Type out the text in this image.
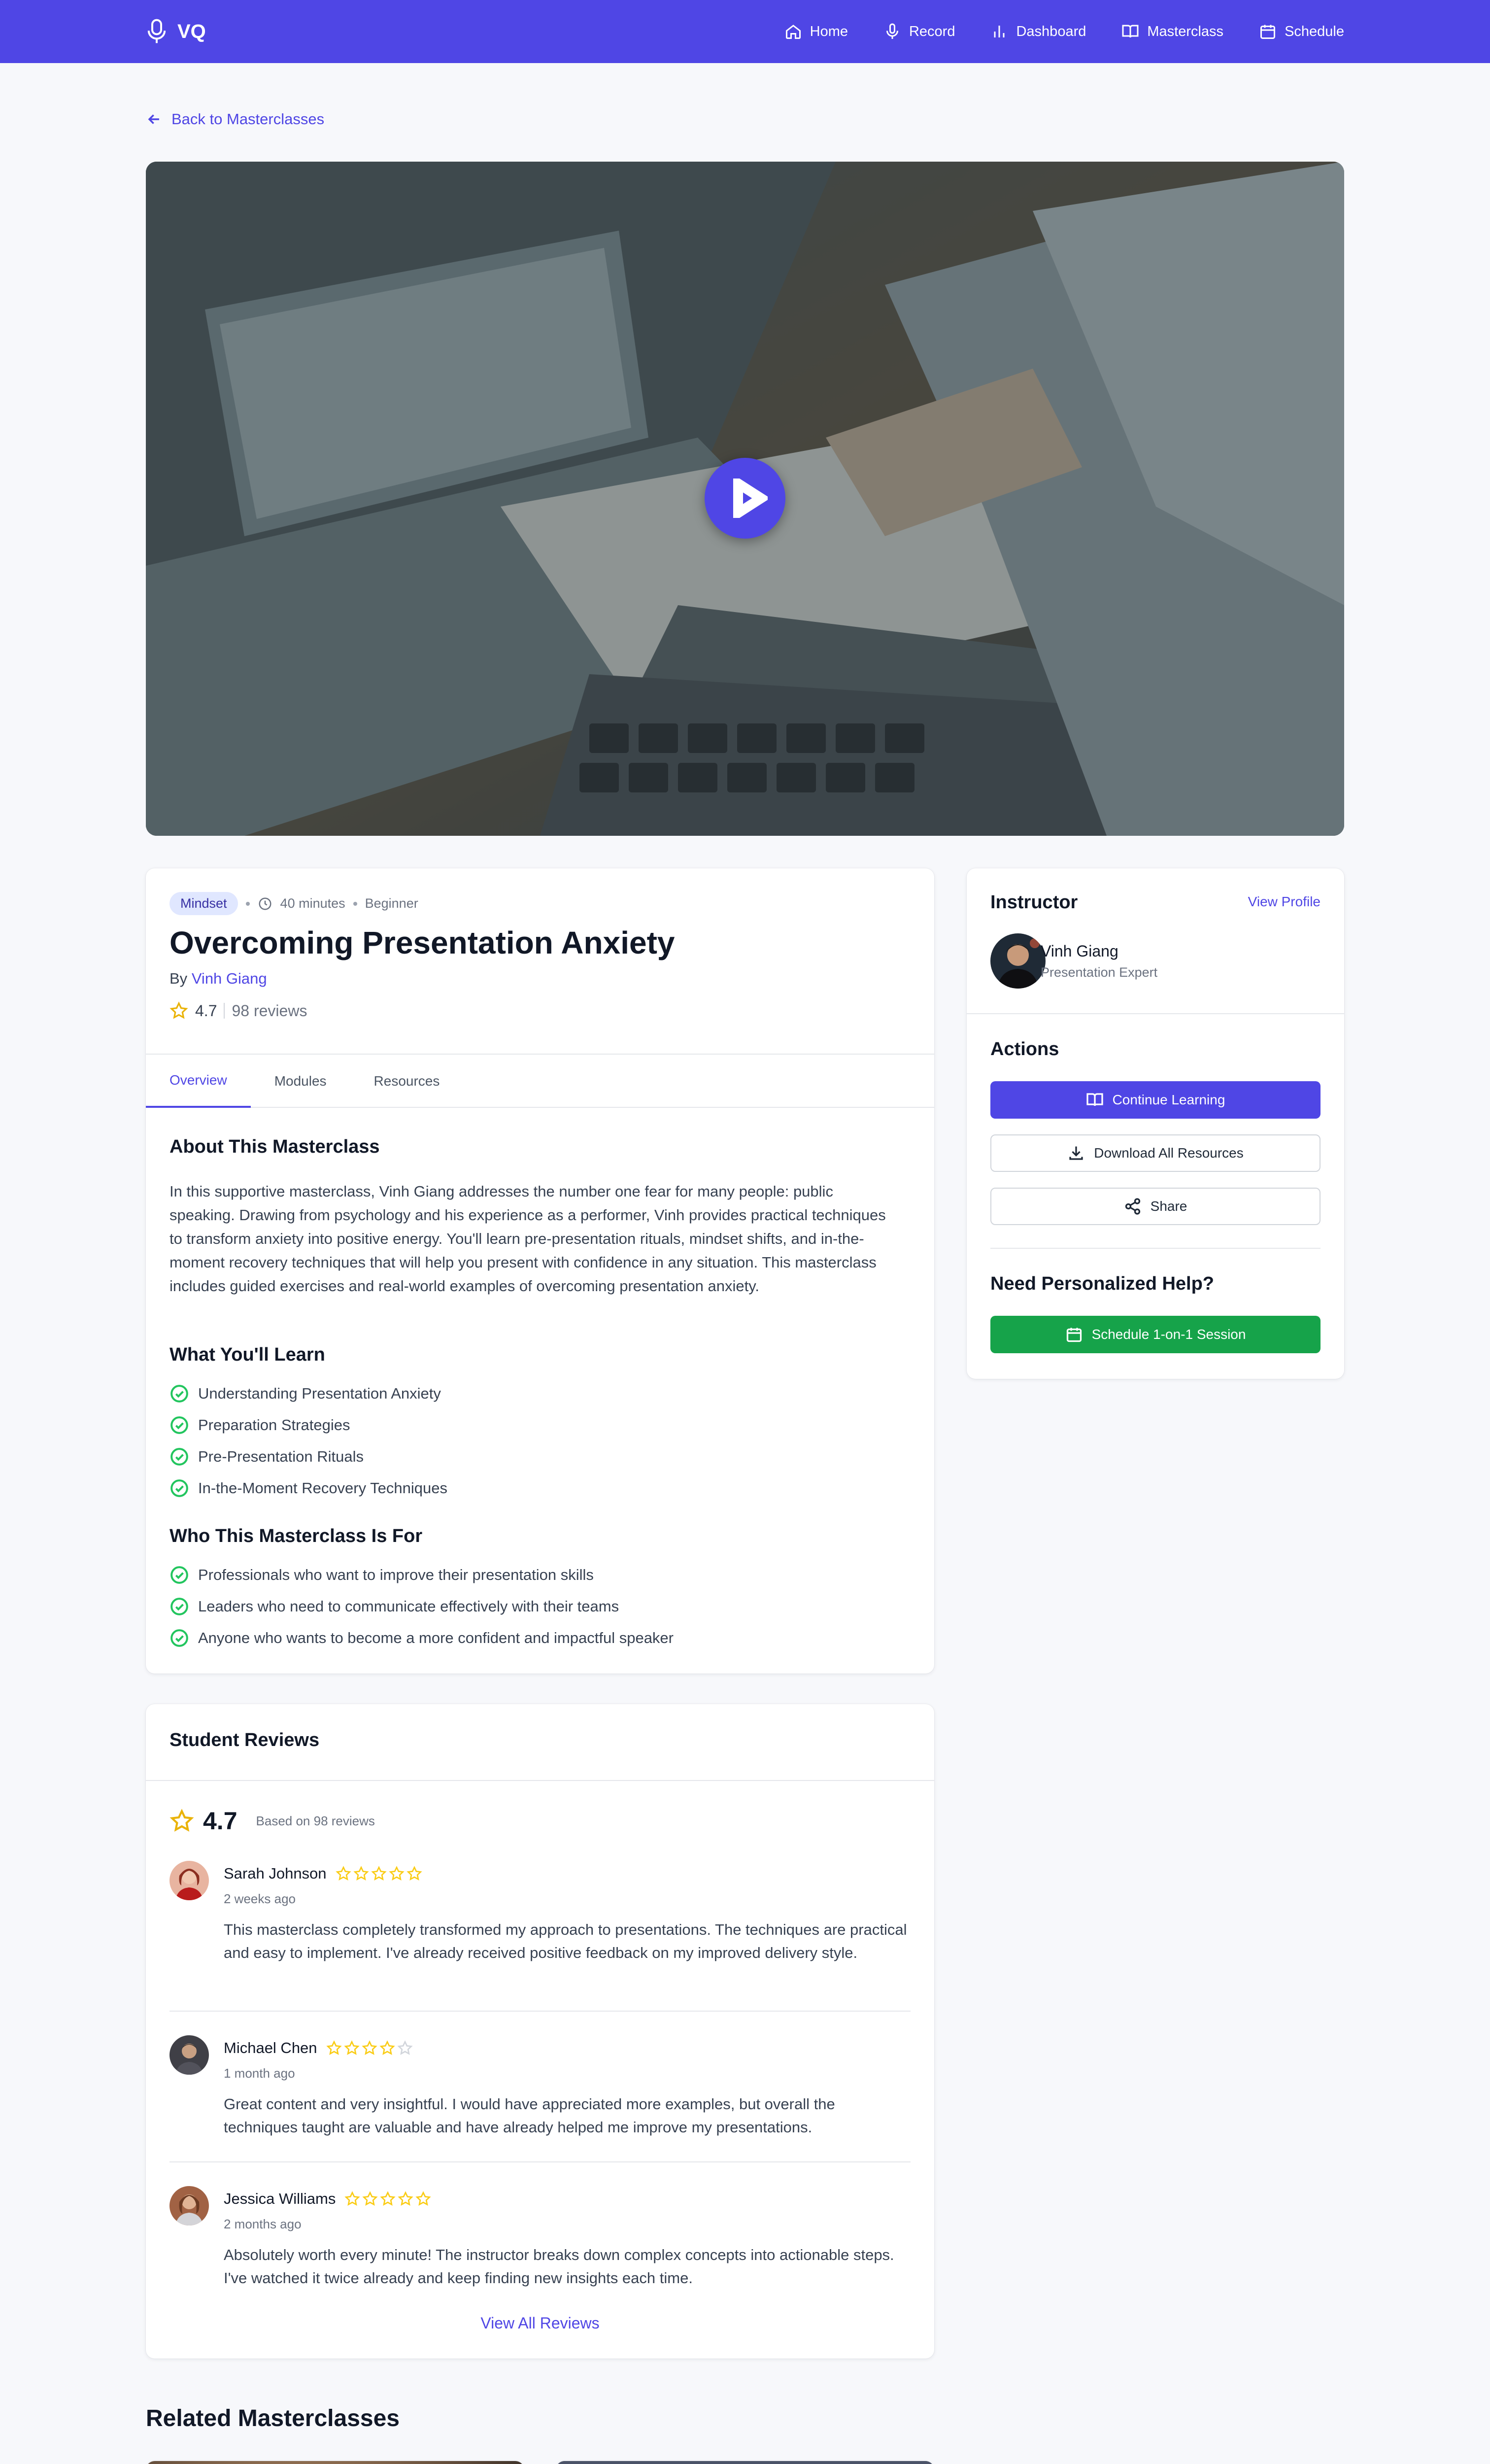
VQ	Home	Record	Dashboard	Masterclass	Schedule
Back to Masterclasses
Mindset	40 minutes Beginner
Overcoming Presentation Anxiety
By Vinh Giang
4.7 98 reviews
Overview	Modules	Resources
About This Masterclass
In this supportive masterclass, Vinh Giang addresses the number one fear for many people: public speaking. Drawing from psychology and his experience as a performer, Vinh provides practical techniques to transform anxiety into positive energy. You'll learn pre-presentation rituals, mindset shifts, and in-the-moment recovery techniques that will help you present with confidence in any situation. This masterclass includes guided exercises and real-world examples of overcoming presentation anxiety.
What You'll Learn
Understanding Presentation Anxiety
Preparation Strategies
Pre-Presentation Rituals
In-the-Moment Recovery Techniques
Who This Masterclass Is For
Professionals who want to improve their presentation skills
Leaders who need to communicate effectively with their teams
Anyone who wants to become a more confident and impactful speaker
Instructor	View Profile
Vinh Giang
Presentation Expert
Actions
Continue Learning
Download All Resources
Share
Need Personalized Help?
Schedule 1-on-1 Session
Student Reviews
4.7 Based on 98 reviews
Sarah Johnson
2 weeks ago
This masterclass completely transformed my approach to presentations. The techniques are practical and easy to implement. I've already received positive feedback on my improved delivery style.
Michael Chen
1 month ago
Great content and very insightful. I would have appreciated more examples, but overall the techniques taught are valuable and have already helped me improve my presentations.
Jessica Williams
2 months ago
Absolutely worth every minute! The instructor breaks down complex concepts into actionable steps. I've watched it twice already and keep finding new insights each time.
View All Reviews
Related Masterclasses
